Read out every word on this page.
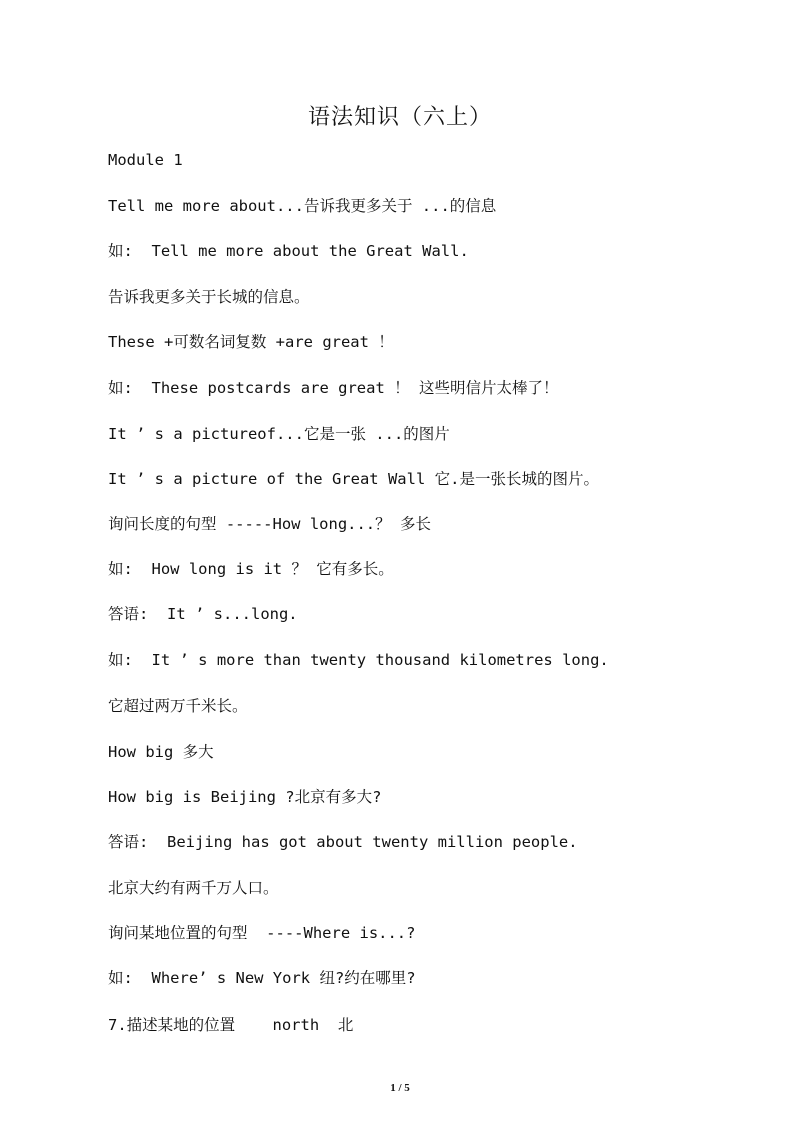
语法知识（六上）
Module 1
Tell me more about...告诉我更多关于 ...的信息
如:  Tell me more about the Great Wall.
告诉我更多关于长城的信息。
These +可数名词复数 +are great ！
如:  These postcards are great ！ 这些明信片太棒了！
It ’ s a pictureof...它是一张 ...的图片
It ’ s a picture of the Great Wall 它.是一张长城的图片。
询问长度的句型 -----How long...？ 多长
如:  How long is it ？ 它有多长。
答语:  It ’ s...long.
如:  It ’ s more than twenty thousand kilometres long.
它超过两万千米长。
How big 多大
How big is Beijing ?北京有多大?
答语:  Beijing has got about twenty million people.
北京大约有两千万人口。
询问某地位置的句型  ----Where is...?
如:  Where’ s New York 纽?约在哪里?
7.描述某地的位置    north  北
1 / 5
